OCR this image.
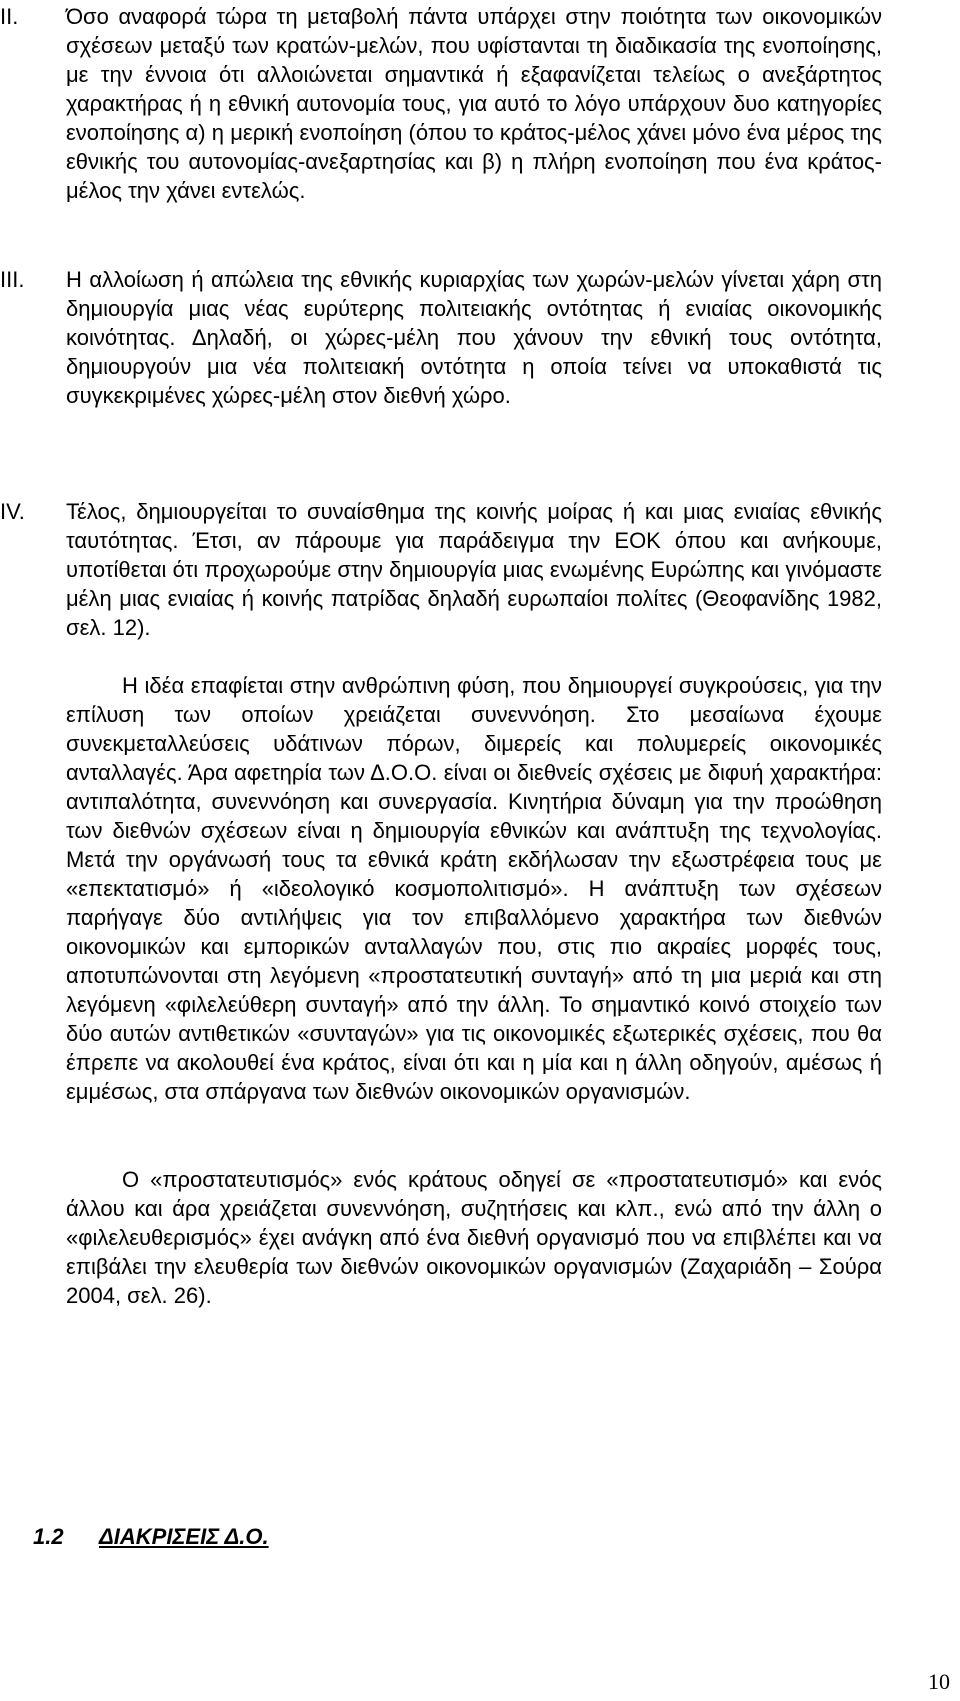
II.	Όσο αναφορά τώρα τη μεταβολή πάντα υπάρχει στην ποιότητα των οικονομικών σχέσεων μεταξύ των κρατών-μελών, που υφίστανται τη διαδικασία της ενοποίησης, με την έννοια ότι αλλοιώνεται σημαντικά ή εξαφανίζεται τελείως ο ανεξάρτητος χαρακτήρας ή η εθνική αυτονομία τους, για αυτό το λόγο υπάρχουν δυο κατηγορίες ενοποίησης α) η μερική ενοποίηση (όπου το κράτος-μέλος χάνει μόνο ένα μέρος της εθνικής του αυτονομίας-ανεξαρτησίας και β) η πλήρη ενοποίηση που ένα κράτος-μέλος την χάνει εντελώς.
III.	Η αλλοίωση ή απώλεια της εθνικής κυριαρχίας των χωρών-μελών γίνεται χάρη στη δημιουργία μιας νέας ευρύτερης πολιτειακής οντότητας ή ενιαίας οικονομικής κοινότητας. Δηλαδή, οι χώρες-μέλη που χάνουν την εθνική τους οντότητα, δημιουργούν μια νέα πολιτειακή οντότητα η οποία τείνει να υποκαθιστά τις συγκεκριμένες χώρες-μέλη στον διεθνή χώρο.
IV.	Τέλος, δημιουργείται το συναίσθημα της κοινής μοίρας ή και μιας ενιαίας εθνικής ταυτότητας. Έτσι, αν πάρουμε για παράδειγμα την ΕΟΚ όπου και ανήκουμε, υποτίθεται ότι προχωρούμε στην δημιουργία μιας ενωμένης Ευρώπης και γινόμαστε μέλη μιας ενιαίας ή κοινής πατρίδας δηλαδή ευρωπαίοι πολίτες (Θεοφανίδης 1982, σελ. 12).
Η ιδέα επαφίεται στην ανθρώπινη φύση, που δημιουργεί συγκρούσεις, για την επίλυση των οποίων χρειάζεται συνεννόηση. Στο μεσαίωνα έχουμε συνεκμεταλλεύσεις υδάτινων πόρων, διμερείς και πολυμερείς οικονομικές ανταλλαγές. Άρα αφετηρία των Δ.Ο.Ο. είναι οι διεθνείς σχέσεις με διφυή χαρακτήρα: αντιπαλότητα, συνεννόηση και συνεργασία. Κινητήρια δύναμη για την προώθηση των διεθνών σχέσεων είναι η δημιουργία εθνικών και ανάπτυξη της τεχνολογίας. Μετά την οργάνωσή τους τα εθνικά κράτη εκδήλωσαν την εξωστρέφεια τους με «επεκτατισμό» ή «ιδεολογικό κοσμοπολιτισμό». Η ανάπτυξη των σχέσεων παρήγαγε δύο αντιλήψεις για τον επιβαλλόμενο χαρακτήρα των διεθνών οικονομικών και εμπορικών ανταλλαγών που, στις πιο ακραίες μορφές τους, αποτυπώνονται στη λεγόμενη «προστατευτική συνταγή» από τη μια μεριά και στη λεγόμενη «φιλελεύθερη συνταγή» από την άλλη. Το σημαντικό κοινό στοιχείο των δύο αυτών αντιθετικών «συνταγών» για τις οικονομικές εξωτερικές σχέσεις, που θα έπρεπε να ακολουθεί ένα κράτος, είναι ότι και η μία και η άλλη οδηγούν, αμέσως ή εμμέσως, στα σπάργανα των διεθνών οικονομικών οργανισμών.
Ο «προστατευτισμός» ενός κράτους οδηγεί σε «προστατευτισμό» και ενός άλλου και άρα χρειάζεται συνεννόηση, συζητήσεις και κλπ., ενώ από την άλλη ο «φιλελευθερισμός» έχει ανάγκη από ένα διεθνή οργανισμό που να επιβλέπει και να επιβάλει την ελευθερία των διεθνών οικονομικών οργανισμών (Ζαχαριάδη – Σούρα 2004, σελ. 26).
1.2 ΔΙΑΚΡΙΣΕΙΣ Δ.Ο.
10
